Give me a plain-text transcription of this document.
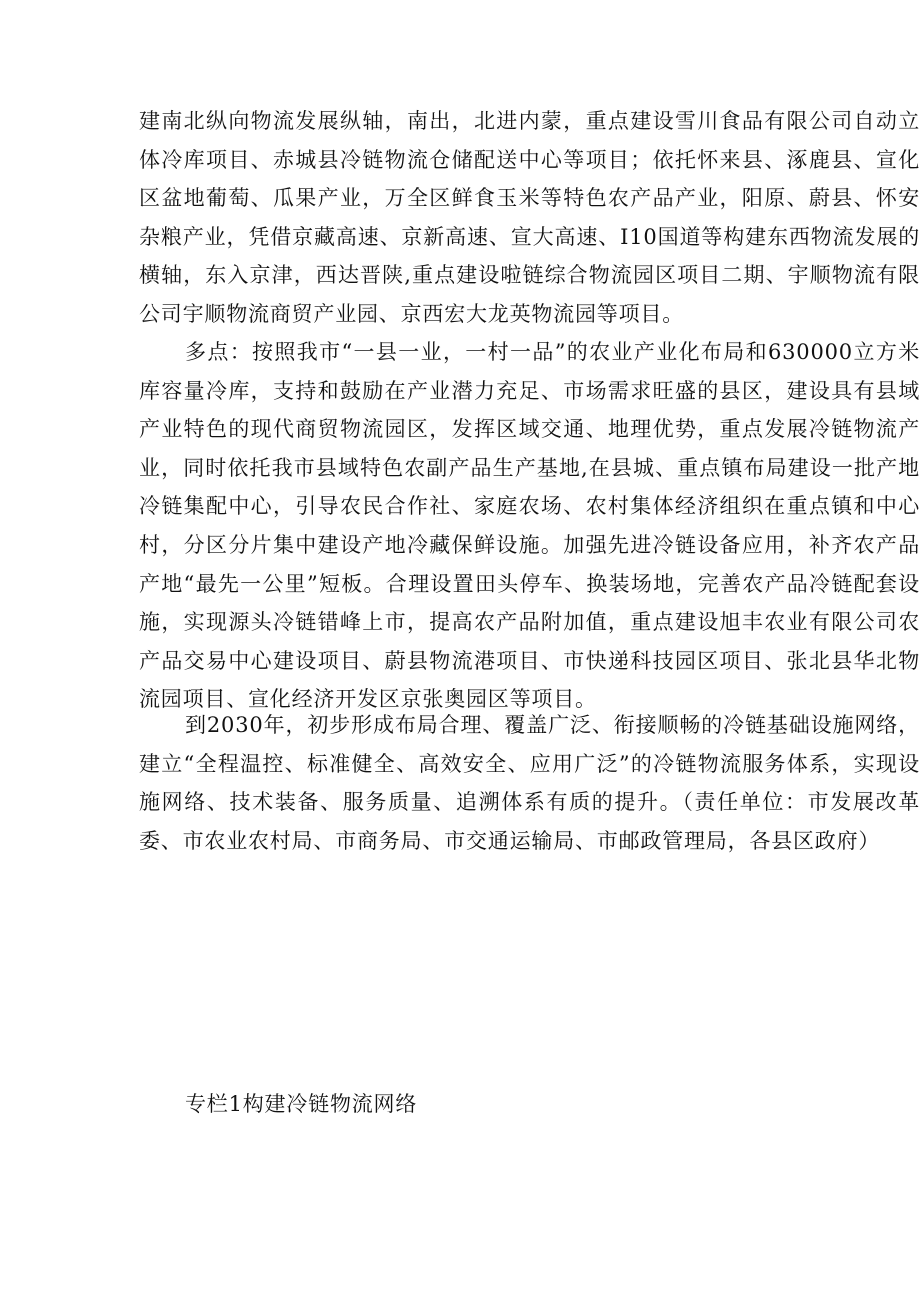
建南北纵向物流发展纵轴，南出，北进内蒙，重点建设雪川食品有限公司自动立体冷库项目、赤城县冷链物流仓储配送中心等项目；依托怀来县、涿鹿县、宣化区盆地葡萄、瓜果产业，万全区鲜食玉米等特色农产品产业，阳原、蔚县、怀安杂粮产业，凭借京藏高速、京新高速、宣大高速、I10国道等构建东西物流发展的横轴，东入京津，西达晋陕,重点建设啦链综合物流园区项目二期、宇顺物流有限公司宇顺物流商贸产业园、京西宏大龙英物流园等项目。

多点：按照我市“一县一业，一村一品”的农业产业化布局和630000立方米库容量冷库，支持和鼓励在产业潜力充足、市场需求旺盛的县区，建设具有县域产业特色的现代商贸物流园区，发挥区域交通、地理优势，重点发展冷链物流产业，同时依托我市县域特色农副产品生产基地,在县城、重点镇布局建设一批产地冷链集配中心，引导农民合作社、家庭农场、农村集体经济组织在重点镇和中心村，分区分片集中建设产地冷藏保鲜设施。加强先进冷链设备应用，补齐农产品产地“最先一公里”短板。合理设置田头停车、换装场地，完善农产品冷链配套设施，实现源头冷链错峰上市，提高农产品附加值，重点建设旭丰农业有限公司农产品交易中心建设项目、蔚县物流港项目、市快递科技园区项目、张北县华北物流园项目、宣化经济开发区京张奥园区等项目。

到2030年，初步形成布局合理、覆盖广泛、衔接顺畅的冷链基础设施网络，建立“全程温控、标准健全、高效安全、应用广泛”的冷链物流服务体系，实现设施网络、技术装备、服务质量、追溯体系有质的提升。（责任单位：市发展改革委、市农业农村局、市商务局、市交通运输局、市邮政管理局，各县区政府）

专栏1构建冷链物流网络
